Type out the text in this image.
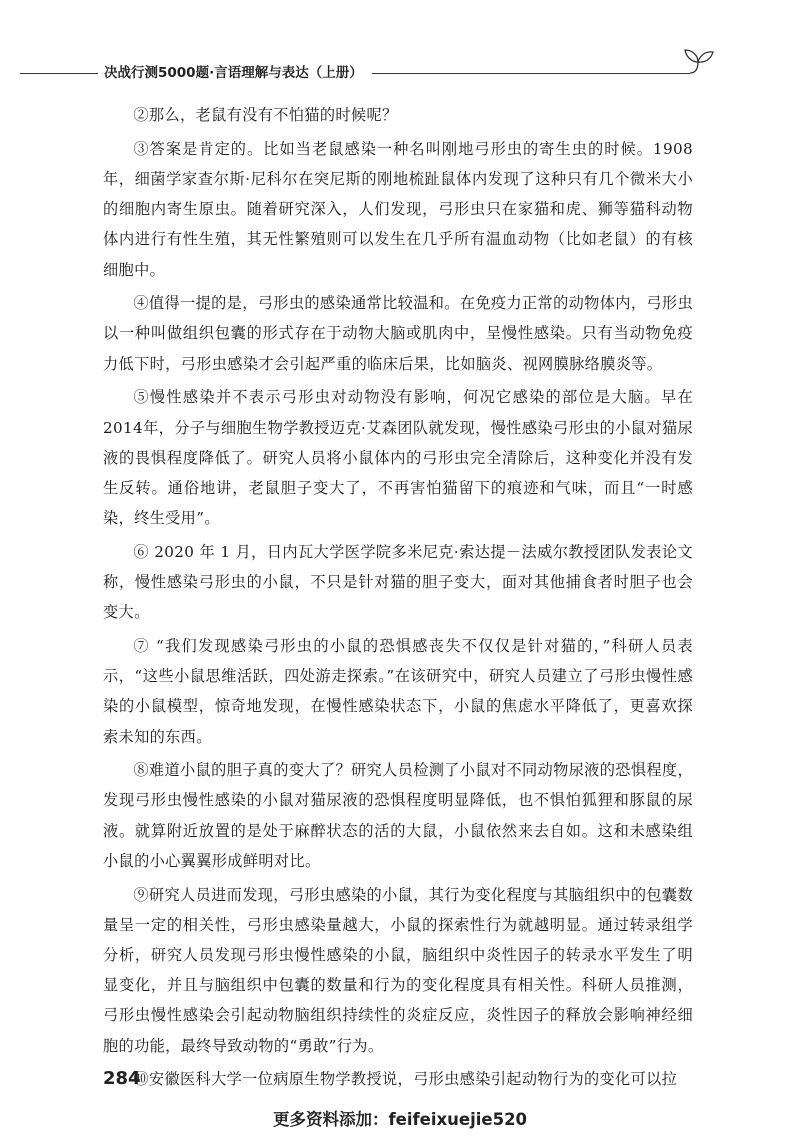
决战行测5000题·言语理解与表达（上册）

②那么，老鼠有没有不怕猫的时候呢？

③答案是肯定的。比如当老鼠感染一种名叫刚地弓形虫的寄生虫的时候。1908年，细菌学家查尔斯·尼科尔在突尼斯的刚地梳趾鼠体内发现了这种只有几个微米大小的细胞内寄生原虫。随着研究深入，人们发现，弓形虫只在家猫和虎、狮等猫科动物体内进行有性生殖，其无性繁殖则可以发生在几乎所有温血动物（比如老鼠）的有核细胞中。

④值得一提的是，弓形虫的感染通常比较温和。在免疫力正常的动物体内，弓形虫以一种叫做组织包囊的形式存在于动物大脑或肌肉中，呈慢性感染。只有当动物免疫力低下时，弓形虫感染才会引起严重的临床后果，比如脑炎、视网膜脉络膜炎等。

⑤慢性感染并不表示弓形虫对动物没有影响，何况它感染的部位是大脑。早在2014年，分子与细胞生物学教授迈克·艾森团队就发现，慢性感染弓形虫的小鼠对猫尿液的畏惧程度降低了。研究人员将小鼠体内的弓形虫完全清除后，这种变化并没有发生反转。通俗地讲，老鼠胆子变大了，不再害怕猫留下的痕迹和气味，而且“一时感染，终生受用”。

⑥ 2020 年 1 月，日内瓦大学医学院多米尼克·索达提－法威尔教授团队发表论文称，慢性感染弓形虫的小鼠，不只是针对猫的胆子变大，面对其他捕食者时胆子也会变大。

⑦ “我们发现感染弓形虫的小鼠的恐惧感丧失不仅仅是针对猫的，”科研人员表示，“这些小鼠思维活跃，四处游走探索。”在该研究中，研究人员建立了弓形虫慢性感染的小鼠模型，惊奇地发现，在慢性感染状态下，小鼠的焦虑水平降低了，更喜欢探索未知的东西。

⑧难道小鼠的胆子真的变大了？研究人员检测了小鼠对不同动物尿液的恐惧程度，发现弓形虫慢性感染的小鼠对猫尿液的恐惧程度明显降低，也不惧怕狐狸和豚鼠的尿液。就算附近放置的是处于麻醉状态的活的大鼠，小鼠依然来去自如。这和未感染组小鼠的小心翼翼形成鲜明对比。

⑨研究人员进而发现，弓形虫感染的小鼠，其行为变化程度与其脑组织中的包囊数量呈一定的相关性，弓形虫感染量越大，小鼠的探索性行为就越明显。通过转录组学分析，研究人员发现弓形虫慢性感染的小鼠，脑组织中炎性因子的转录水平发生了明显变化，并且与脑组织中包囊的数量和行为的变化程度具有相关性。科研人员推测，弓形虫慢性感染会引起动物脑组织持续性的炎症反应，炎性因子的释放会影响神经细胞的功能，最终导致动物的“勇敢”行为。

⑩安徽医科大学一位病原生物学教授说，弓形虫感染引起动物行为的变化可以拉

284
更多资料添加：feifeixuejie520
